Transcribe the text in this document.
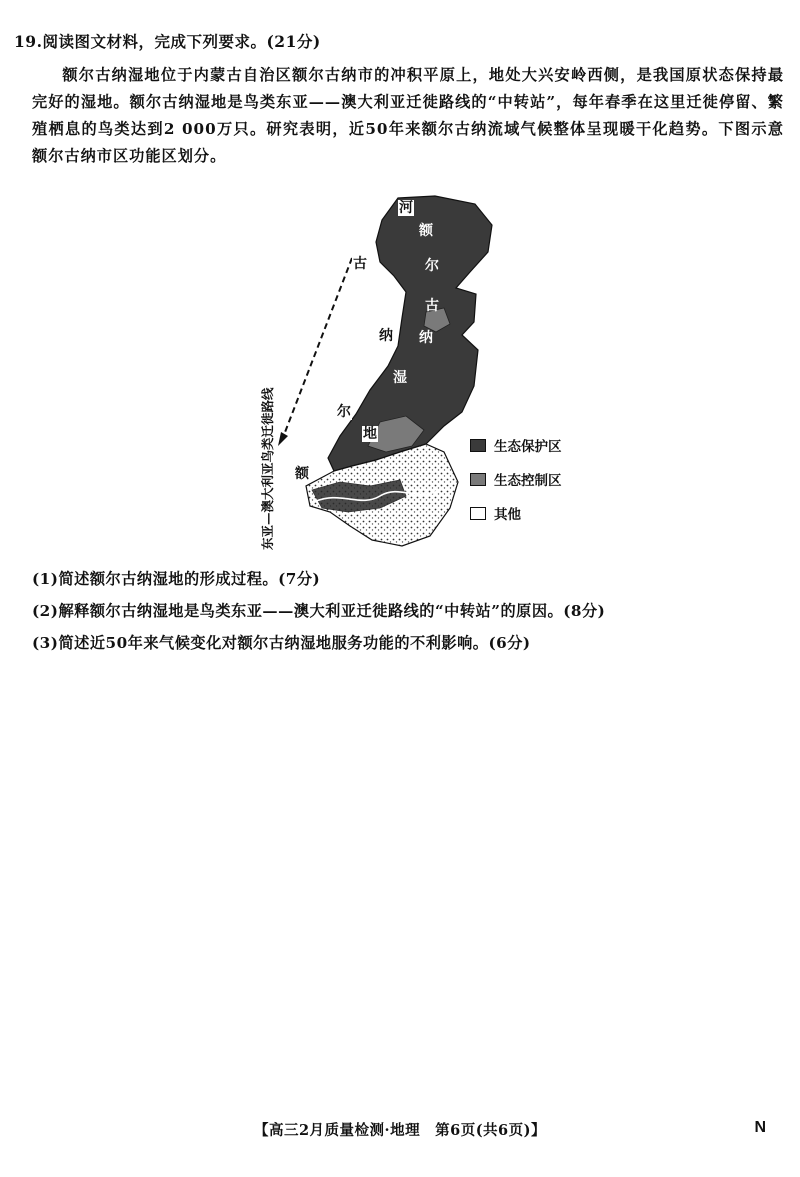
19.阅读图文材料，完成下列要求。(21分)
额尔古纳湿地位于内蒙古自治区额尔古纳市的冲积平原上，地处大兴安岭西侧，是我国原状态保持最完好的湿地。额尔古纳湿地是鸟类东亚——澳大利亚迁徙路线的“中转站”，每年春季在这里迁徙停留、繁殖栖息的鸟类达到2 000万只。研究表明，近50年来额尔古纳流域气候整体呈现暖干化趋势。下图示意额尔古纳市区功能区划分。
河
额
尔
古
纳
古
纳
湿
尔
地
额
东亚—澳大利亚鸟类迁徙路线	生态保护区
生态控制区
其他
(1)简述额尔古纳湿地的形成过程。(7分)
(2)解释额尔古纳湿地是鸟类东亚——澳大利亚迁徙路线的“中转站”的原因。(8分)
(3)简述近50年来气候变化对额尔古纳湿地服务功能的不利影响。(6分)
【高三2月质量检测·地理　第6页(共6页)】	N
